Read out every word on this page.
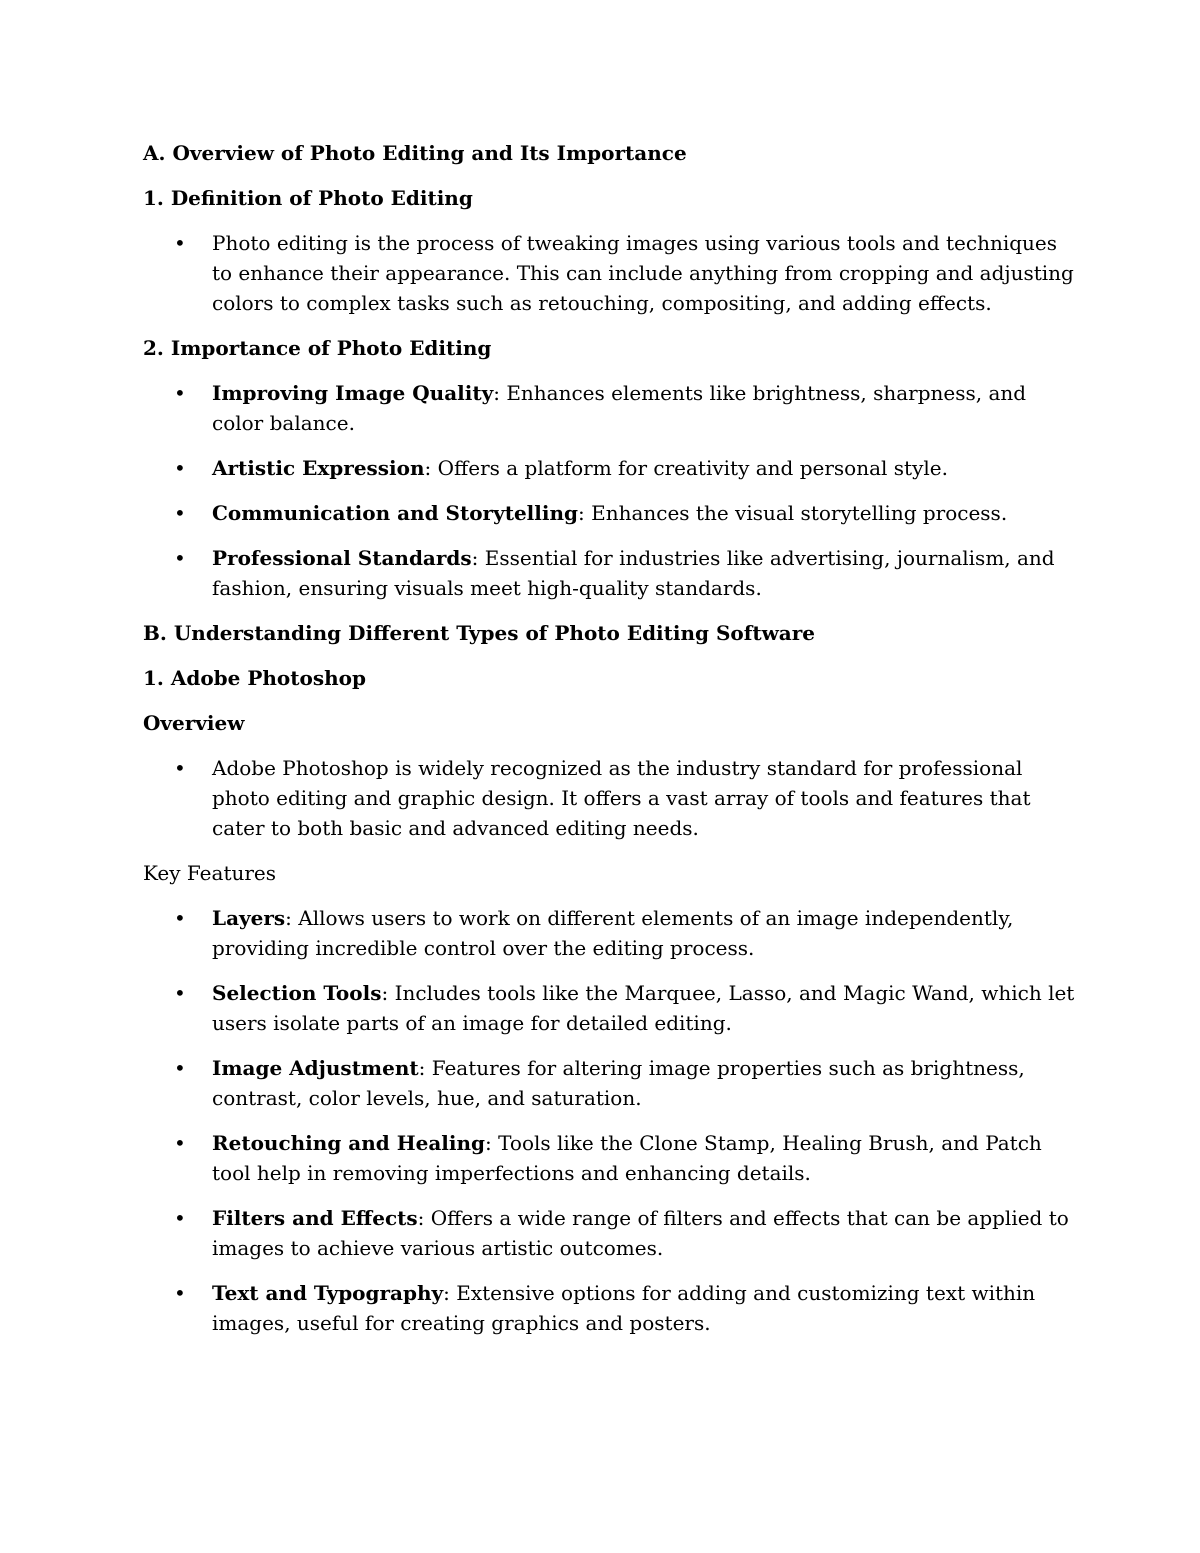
A. Overview of Photo Editing and Its Importance
1. Definition of Photo Editing
• Photo editing is the process of tweaking images using various tools and techniques to enhance their appearance. This can include anything from cropping and adjusting colors to complex tasks such as retouching, compositing, and adding effects.
2. Importance of Photo Editing
• Improving Image Quality: Enhances elements like brightness, sharpness, and color balance.
• Artistic Expression: Offers a platform for creativity and personal style.
• Communication and Storytelling: Enhances the visual storytelling process.
• Professional Standards: Essential for industries like advertising, journalism, and fashion, ensuring visuals meet high-quality standards.
B. Understanding Different Types of Photo Editing Software
1. Adobe Photoshop
Overview
• Adobe Photoshop is widely recognized as the industry standard for professional photo editing and graphic design. It offers a vast array of tools and features that cater to both basic and advanced editing needs.
Key Features
• Layers: Allows users to work on different elements of an image independently, providing incredible control over the editing process.
• Selection Tools: Includes tools like the Marquee, Lasso, and Magic Wand, which let users isolate parts of an image for detailed editing.
• Image Adjustment: Features for altering image properties such as brightness, contrast, color levels, hue, and saturation.
• Retouching and Healing: Tools like the Clone Stamp, Healing Brush, and Patch tool help in removing imperfections and enhancing details.
• Filters and Effects: Offers a wide range of filters and effects that can be applied to images to achieve various artistic outcomes.
• Text and Typography: Extensive options for adding and customizing text within images, useful for creating graphics and posters.
